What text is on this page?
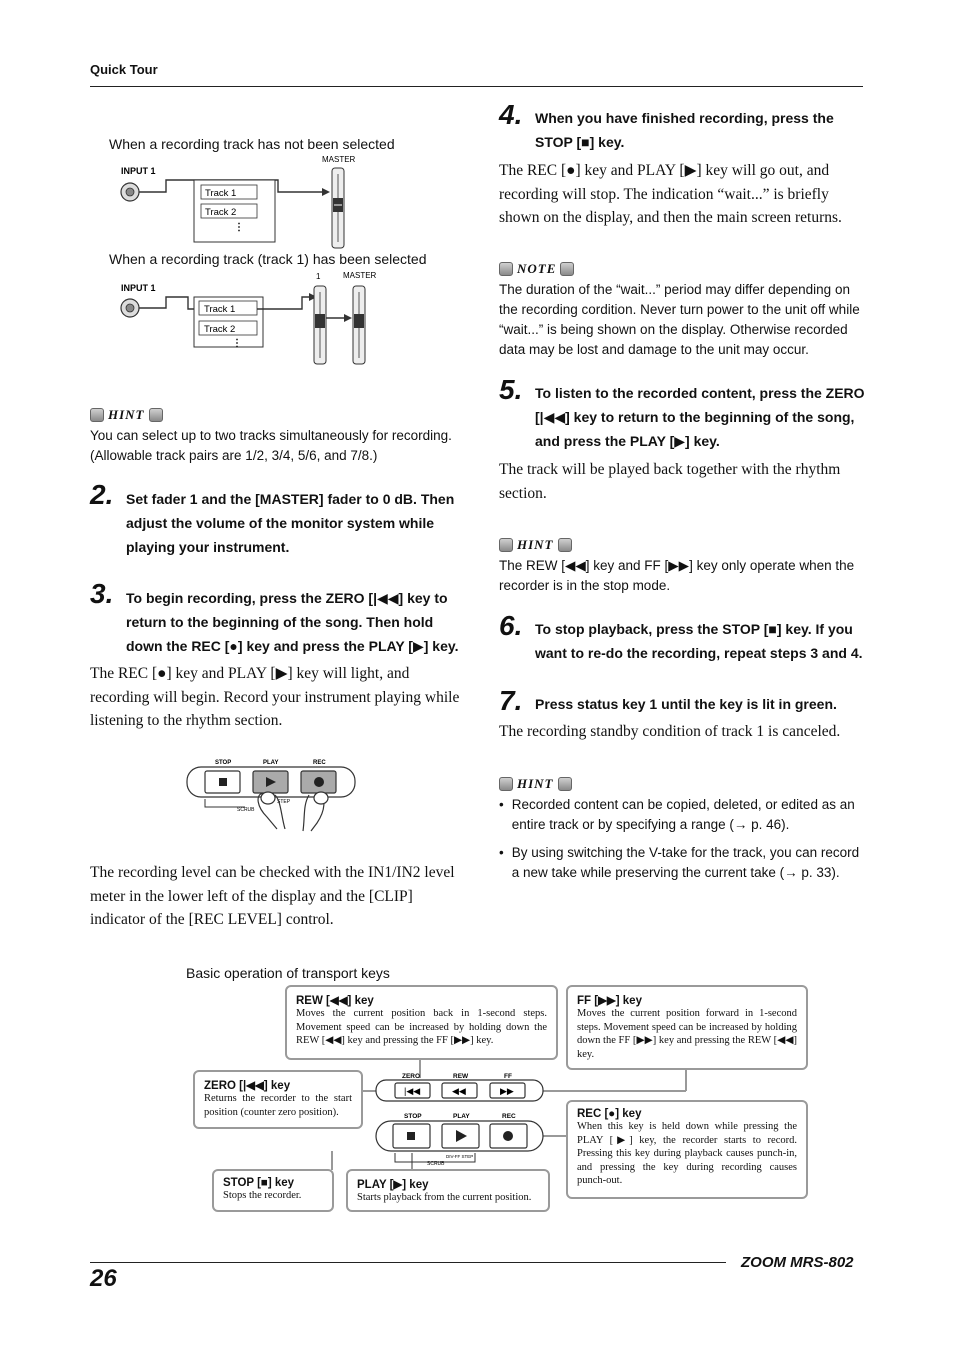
Quick Tour
When a recording track has not been selected
INPUT 1
Track 1
Track 2
⋮
MASTER
When a recording track (track 1) has been selected
INPUT 1
Track 1
Track 2
⋮
1	MASTER
HINT
You can select up to two tracks simultaneously for recording. (Allowable track pairs are 1/2, 3/4, 5/6, and 7/8.)
2. Set fader 1 and the [MASTER] fader to 0 dB. Then adjust the volume of the monitor system while playing your instrument.
3. To begin recording, press the ZERO [|◀◀] key to return to the beginning of the song. Then hold down the REC [●] key and press the PLAY [▶] key.
The REC [●] key and PLAY [▶] key will light, and recording will begin. Record your instrument playing while listening to the rhythm section.
STOP	PLAY	REC
SCRUB
STEP
The recording level can be checked with the IN1/IN2 level meter in the lower left of the display and the [CLIP] indicator of the [REC LEVEL] control.
4. When you have finished recording, press the STOP [■] key.
The REC [●] key and PLAY [▶] key will go out, and recording will stop. The indication “wait...” is briefly shown on the display, and then the main screen returns.
NOTE
The duration of the “wait...” period may differ depending on the recording cordition. Never turn power to the unit off while “wait...” is being shown on the display. Otherwise recorded data may be lost and damage to the unit may occur.
5. To listen to the recorded content, press the ZERO [|◀◀] key to return to the beginning of the song, and press the PLAY [▶] key.
The track will be played back together with the rhythm section.
HINT
The REW [◀◀] key and FF [▶▶] key only operate when the recorder is in the stop mode.
6. To stop playback, press the STOP [■] key. If you want to re-do the recording, repeat steps 3 and 4.
7. Press status key 1 until the key is lit in green.
The recording standby condition of track 1 is canceled.
HINT
• Recorded content can be copied, deleted, or edited as an entire track or by specifying a range (→ p. 46).
• By using switching the V-take for the track, you can record a new take while preserving the current take (→ p. 33).
Basic operation of transport keys
ZERO	REW	FF
|◀◀	◀◀	▶▶
STOP	PLAY	REC
SCRUB
DIV-FF STEP
REW [◀◀] key
Moves the current position back in 1-second steps. Movement speed can be increased by holding down the REW [◀◀] key and pressing the FF [▶▶] key.
FF [▶▶] key
Moves the current position forward in 1-second steps. Movement speed can be increased by holding down the FF [▶▶] key and pressing the REW [◀◀] key.
ZERO [|◀◀] key
Returns the recorder to the start position (counter zero position).	REC [●] key
When this key is held down while pressing the PLAY [▶] key, the recorder starts to record. Pressing this key during playback causes punch-in, and pressing the key during recording causes punch-out.
STOP [■] key
Stops the recorder.
PLAY [▶] key
Starts playback from the current position.
ZOOM MRS-802
26
